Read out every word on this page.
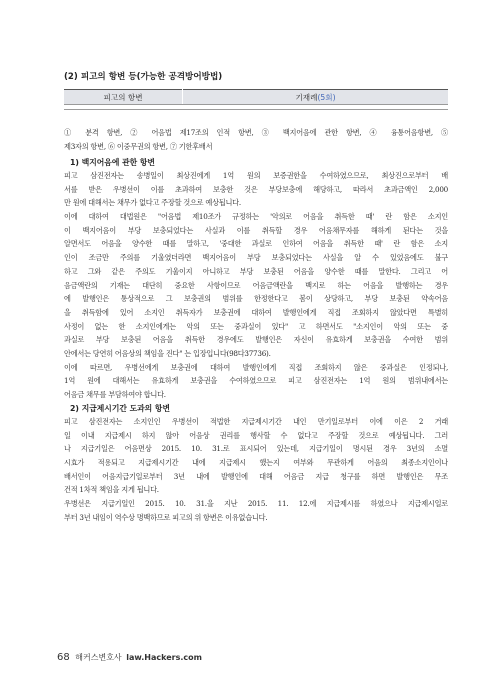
(2) 피고의 항변 등(가능한 공격방어방법)
피고의 항변	기재례(5회)

① 분격 항변, ② 어음법 제17조의 인적 항변, ③ 백지어음에 관한 항변, ④ 융통어음항변, ⑤
제3자의 항변, ⑥ 이중무권의 항변, ⑦ 기한후배서
1) 백지어음에 관한 항변
피고 삼진전자는 송병일이 최상진에게 1억 원의 보증권한을 수여하였으므로, 최상진으로부터 배
서를 받은 우병선이 이를 초과하여 보충한 것은 부당보충에 해당하고, 따라서 초과금액인 2,000
만 원에 대해서는 채무가 없다고 주장할 것으로 예상됩니다.
이에 대하여 대법원은 "어음법 제10조가 규정하는 '악의로 어음을 취득한 때' 란 함은 소지인
이 백지어음이 부당 보충되었다는 사실과 이를 취득할 경우 어음채무자를 해하게 된다는 것을
알면서도 어음을 양수한 때를 말하고, '중대한 과실로 인하여 어음을 취득한 때' 란 함은 소지
인이 조금만 주의를 기울였더라면 백지어음이 부당 보충되었다는 사실을 알 수 있었음에도 불구
하고 그와 같은 주의도 기울이지 아니하고 부당 보충된 어음을 양수한 때를 말한다. 그리고 어
음금액란의 기재는 대단히 중요한 사항이므로 어음금액란을 백지로 하는 어음을 발행하는 경우
에 발행인은 통상적으로 그 보충권의 범위를 한정한다고 봄이 상당하고, 부당 보충된 약속어음
을 취득함에 있어 소지인 취득자가 보충권에 대하여 발행인에게 직접 조회하지 않았다면 특별히
사정이 없는 한 소지인에게는 악의 또는 중과실이 있다" 고 하면서도 "소지인이 악의 또는 중
과실로 부당 보충된 어음을 취득한 경우에도 발행인은 자신이 유효하게 보충권을 수여한 범위
안에서는 당연히 어음상의 책임을 진다" 는 입장입니다(98다37736).
이에 따르면, 우병선에게 보충권에 대하여 발행인에게 직접 조회하지 않은 중과실은 인정되나,
1억 원에 대해서는 유효하게 보충권을 수여하였으므로 피고 삼진전자는 1억 원의 범위내에서는
어음금 채무를 부담하여야 합니다.
2) 지급제시기간 도과의 항변
피고 삼진전자는 소지인인 우병선이 적법한 지급제시기간 내인 만기일로부터 이에 이은 2 거래
일 이내 지급제시 하지 않아 어음상 권리를 행사할 수 없다고 주장할 것으로 예상됩니다. 그러
나 지급기일은 어음면상 2015. 10. 31.로 표시되어 있는데, 지급기일이 명시된 경우 3년의 소멸
시효가 적용되고 지급제시기간 내에 지급제시 했는지 여부와 무관하게 어음의 최종소지인이나
배서인이 어음지급기일로부터 3년 내에 발행인에 대해 어음금 지급 청구를 하면 발행인은 무조
건적 1차적 책임을 지게 됩니다.
우병선은 지급기일인 2015. 10. 31.을 지난 2015. 11. 12.에 지급제시를 하였으나 지급제시일로
부터 3년 내임이 역수상 명백하므로 피고의 위 항변은 이유없습니다.
68 해커스변호사 law.Hackers.com
